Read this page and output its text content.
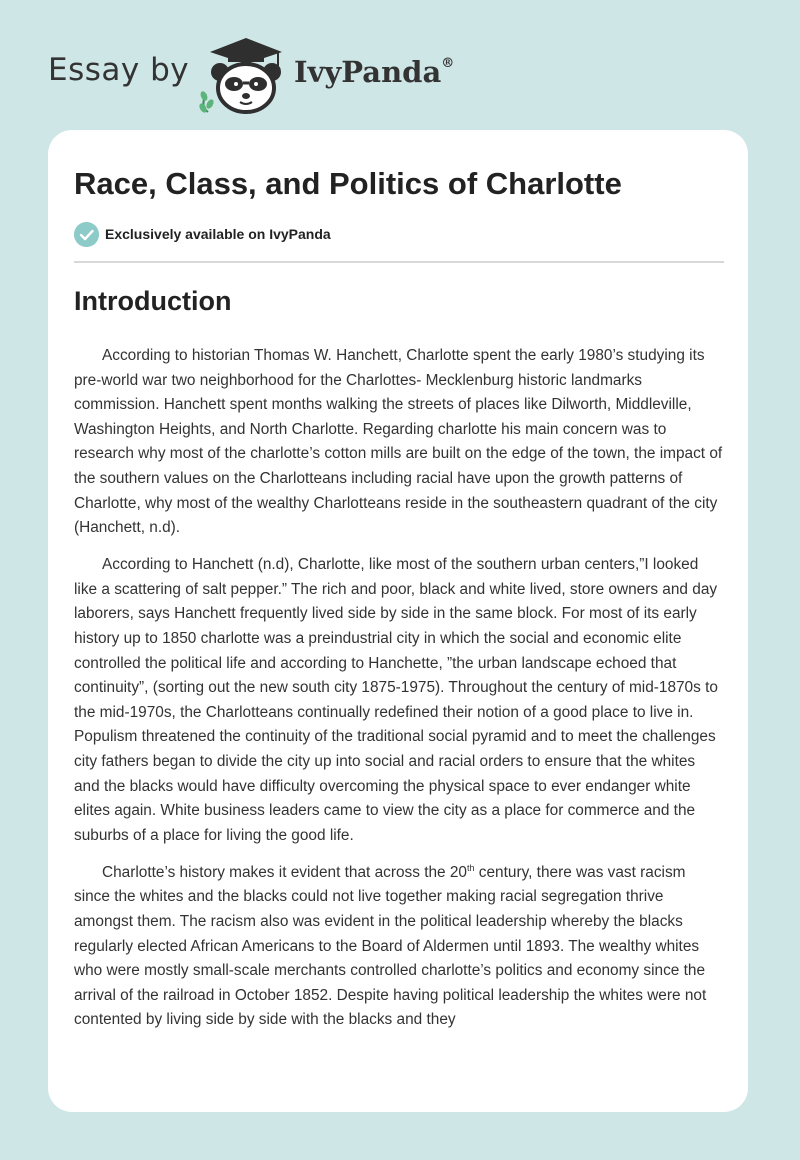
Essay by	IvyPanda®
Race, Class, and Politics of Charlotte
Exclusively available on IvyPanda
Introduction

According to historian Thomas W. Hanchett, Charlotte spent the early 1980’s studying its pre-world war two neighborhood for the Charlottes- Mecklenburg historic landmarks commission. Hanchett spent months walking the streets of places like Dilworth, Middleville, Washington Heights, and North Charlotte. Regarding charlotte his main concern was to research why most of the charlotte’s cotton mills are built on the edge of the town, the impact of the southern values on the Charlotteans including racial have upon the growth patterns of Charlotte, why most of the wealthy Charlotteans reside in the southeastern quadrant of the city (Hanchett, n.d).

According to Hanchett (n.d), Charlotte, like most of the southern urban centers,”I looked like a scattering of salt pepper.” The rich and poor, black and white lived, store owners and day laborers, says Hanchett frequently lived side by side in the same block. For most of its early history up to 1850 charlotte was a preindustrial city in which the social and economic elite controlled the political life and according to Hanchette, ”the urban landscape echoed that continuity”, (sorting out the new south city 1875-1975). Throughout the century of mid-1870s to the mid-1970s, the Charlotteans continually redefined their notion of a good place to live in. Populism threatened the continuity of the traditional social pyramid and to meet the challenges city fathers began to divide the city up into social and racial orders to ensure that the whites and the blacks would have difficulty overcoming the physical space to ever endanger white elites again. White business leaders came to view the city as a place for commerce and the suburbs of a place for living the good life.

Charlotte’s history makes it evident that across the 20th century, there was vast racism since the whites and the blacks could not live together making racial segregation thrive amongst them. The racism also was evident in the political leadership whereby the blacks regularly elected African Americans to the Board of Aldermen until 1893. The wealthy whites who were mostly small-scale merchants controlled charlotte’s politics and economy since the arrival of the railroad in October 1852. Despite having political leadership the whites were not contented by living side by side with the blacks and they
